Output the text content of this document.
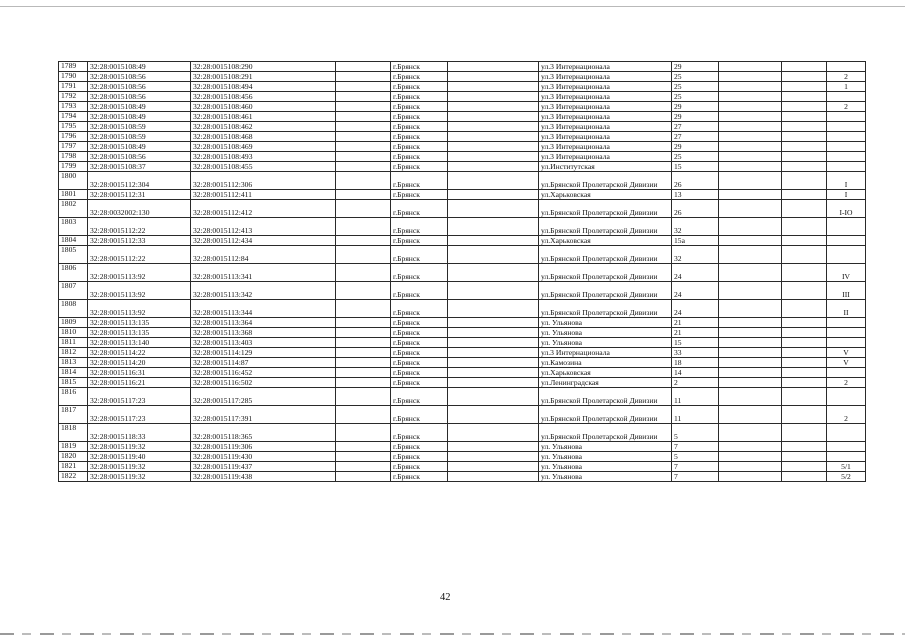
1789	32:28:0015108:49	32:28:0015108:290		г.Брянск		ул.3 Интернационала	29			
1790	32:28:0015108:56	32:28:0015108:291		г.Брянск		ул.3 Интернационала	25			2
1791	32:28:0015108:56	32:28:0015108:494		г.Брянск		ул.3 Интернационала	25			1
1792	32:28:0015108:56	32:28:0015108:456		г.Брянск		ул.3 Интернационала	25			
1793	32:28:0015108:49	32:28:0015108:460		г.Брянск		ул.3 Интернационала	29			2
1794	32:28:0015108:49	32:28:0015108:461		г.Брянск		ул.3 Интернационала	29			
1795	32:28:0015108:59	32:28:0015108:462		г.Брянск		ул.3 Интернационала	27			
1796	32:28:0015108:59	32:28:0015108:468		г.Брянск		ул.3 Интернационала	27			
1797	32:28:0015108:49	32:28:0015108:469		г.Брянск		ул.3 Интернационала	29			
1798	32:28:0015108:56	32:28:0015108:493		г.Брянск		ул.3 Интернационала	25			
1799	32:28:0015108:37	32:28:0015108:455		г.Брянск		ул.Институтская	15			
1800	32:28:0015112:304	32:28:0015112:306		г.Брянск		ул.Брянской Пролетарской Дивизии	26			I
1801	32:28:0015112:31	32:28:0015112:411		г.Брянск		ул.Харьковская	13			I
1802	32:28:0032002:130	32:28:0015112:412		г.Брянск		ул.Брянской Пролетарской Дивизии	26			I-IO
1803	32:28:0015112:22	32:28:0015112:413		г.Брянск		ул.Брянской Пролетарской Дивизии	32			
1804	32:28:0015112:33	32:28:0015112:434		г.Брянск		ул.Харьковская	15а			
1805	32:28:0015112:22	32:28:0015112:84		г.Брянск		ул.Брянской Пролетарской Дивизии	32			
1806	32:28:0015113:92	32:28:0015113:341		г.Брянск		ул.Брянской Пролетарской Дивизии	24			IV
1807	32:28:0015113:92	32:28:0015113:342		г.Брянск		ул.Брянской Пролетарской Дивизии	24			III
1808	32:28:0015113:92	32:28:0015113:344		г.Брянск		ул.Брянской Пролетарской Дивизии	24			II
1809	32:28:0015113:135	32:28:0015113:364		г.Брянск		ул. Ульянова	21			
1810	32:28:0015113:135	32:28:0015113:368		г.Брянск		ул. Ульянова	21			
1811	32:28:0015113:140	32:28:0015113:403		г.Брянск		ул. Ульянова	15			
1812	32:28:0015114:22	32:28:0015114:129		г.Брянск		ул.3 Интернационала	33			V
1813	32:28:0015114:20	32:28:0015114:87		г.Брянск		ул.Камозина	18			V
1814	32:28:0015116:31	32:28:0015116:452		г.Брянск		ул.Харьковская	14			
1815	32:28:0015116:21	32:28:0015116:502		г.Брянск		ул.Ленинградская	2			2
1816	32:28:0015117:23	32:28:0015117:285		г.Брянск		ул.Брянской Пролетарской Дивизии	11			
1817	32:28:0015117:23	32:28:0015117:391		г.Брянск		ул.Брянской Пролетарской Дивизии	11			2
1818	32:28:0015118:33	32:28:0015118:365		г.Брянск		ул.Брянской Пролетарской Дивизии	5			
1819	32:28:0015119:32	32:28:0015119:306		г.Брянск		ул. Ульянова	7			
1820	32:28:0015119:40	32:28:0015119:430		г.Брянск		ул. Ульянова	5			
1821	32:28:0015119:32	32:28:0015119:437		г.Брянск		ул. Ульянова	7			5/1
1822	32:28:0015119:32	32:28:0015119:438		г.Брянск		ул. Ульянова	7			5/2
42
